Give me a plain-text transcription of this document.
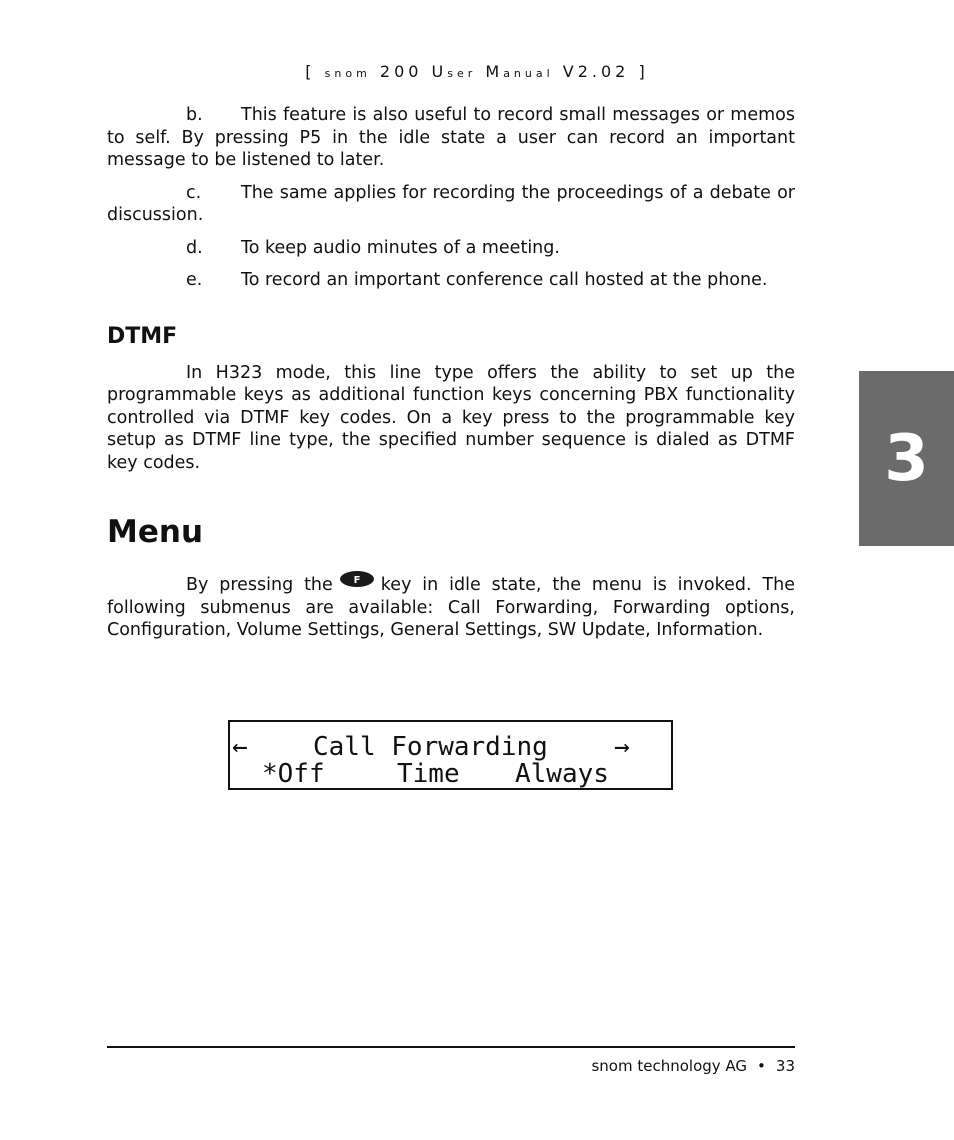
[ snom 200 User Manual V2.02 ]

b. This feature is also useful to record small messages or memos to self. By pressing P5 in the idle state a user can record an important message to be listened to later.

c. The same applies for recording the proceedings of a debate or discussion.

d. To keep audio minutes of a meeting.

e. To record an important conference call hosted at the phone.

DTMF

In H323 mode, this line type offers the ability to set up the programmable keys as additional function keys concerning PBX functionality controlled via DTMF key codes. On a key press to the programmable key setup as DTMF line type, the specified number sequence is dialed as DTMF key codes.

Menu

By pressing the F key in idle state, the menu is invoked. The following submenus are available: Call Forwarding, Forwarding options, Configuration, Volume Settings, General Settings, SW Update, Information.

←

	Call Forwarding

	→

*Off

	Time

Always

3
snom technology AG • 33
